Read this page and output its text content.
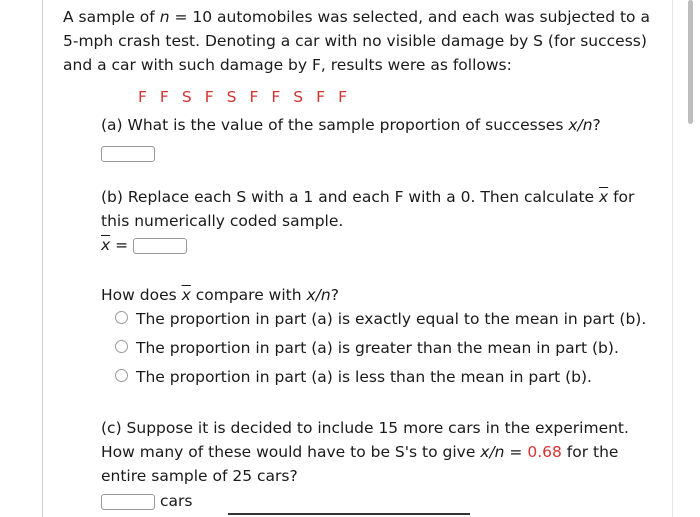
A sample of n = 10 automobiles was selected, and each was subjected to a
5-mph crash test. Denoting a car with no visible damage by S (for success)
and a car with such damage by F, results were as follows:
F F S F S F F S F F
(a) What is the value of the sample proportion of successes x/n?
(b) Replace each S with a 1 and each F with a 0. Then calculate $\overline{x}$ for
this numerically coded sample.
$\overline{x}$ =
How does $\overline{x}$ compare with x/n?
The proportion in part (a) is exactly equal to the mean in part (b).
The proportion in part (a) is greater than the mean in part (b).
The proportion in part (a) is less than the mean in part (b).
(c) Suppose it is decided to include 15 more cars in the experiment.
How many of these would have to be S's to give x/n = 0.68 for the
entire sample of 25 cars?
cars
